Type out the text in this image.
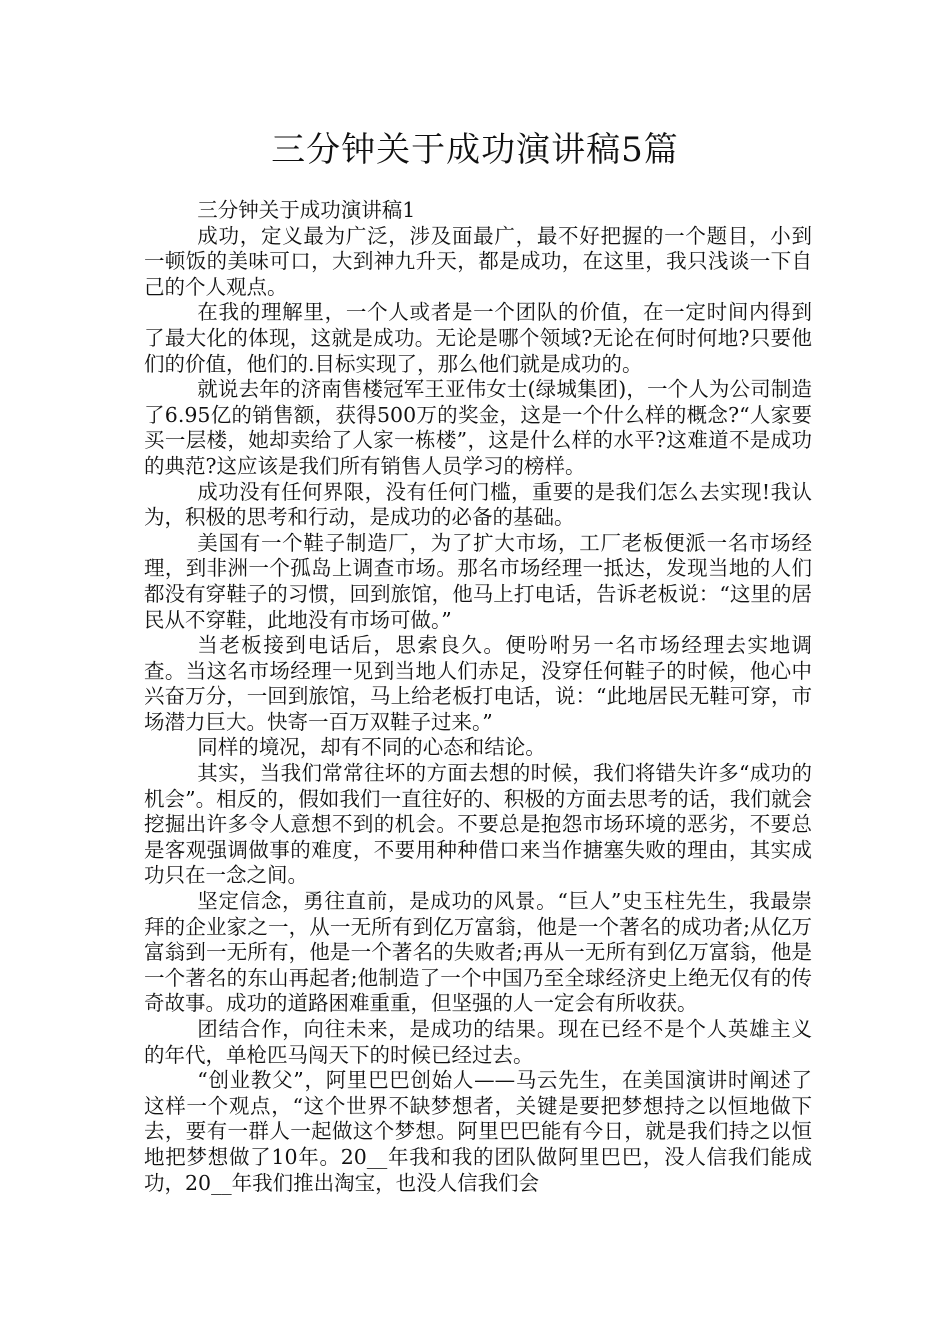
三分钟关于成功演讲稿5篇

三分钟关于成功演讲稿1

成功，定义最为广泛，涉及面最广，最不好把握的一个题目，小到一顿饭的美味可口，大到神九升天，都是成功，在这里，我只浅谈一下自己的个人观点。

在我的理解里，一个人或者是一个团队的价值，在一定时间内得到了最大化的体现，这就是成功。无论是哪个领域?无论在何时何地?只要他们的价值，他们的.目标实现了，那么他们就是成功的。

就说去年的济南售楼冠军王亚伟女士(绿城集团)，一个人为公司制造了6.95亿的销售额，获得500万的奖金，这是一个什么样的概念?“人家要买一层楼，她却卖给了人家一栋楼”，这是什么样的水平?这难道不是成功的典范?这应该是我们所有销售人员学习的榜样。

成功没有任何界限，没有任何门槛，重要的是我们怎么去实现!我认为，积极的思考和行动，是成功的必备的基础。

美国有一个鞋子制造厂，为了扩大市场，工厂老板便派一名市场经理，到非洲一个孤岛上调查市场。那名市场经理一抵达，发现当地的人们都没有穿鞋子的习惯，回到旅馆，他马上打电话，告诉老板说：“这里的居民从不穿鞋，此地没有市场可做。”

当老板接到电话后，思索良久。便吩咐另一名市场经理去实地调查。当这名市场经理一见到当地人们赤足，没穿任何鞋子的时候，他心中兴奋万分，一回到旅馆，马上给老板打电话，说：“此地居民无鞋可穿，市场潜力巨大。快寄一百万双鞋子过来。”

同样的境况，却有不同的心态和结论。

其实，当我们常常往坏的方面去想的时候，我们将错失许多“成功的机会”。相反的，假如我们一直往好的、积极的方面去思考的话，我们就会挖掘出许多令人意想不到的机会。不要总是抱怨市场环境的恶劣，不要总是客观强调做事的难度，不要用种种借口来当作搪塞失败的理由，其实成功只在一念之间。

坚定信念，勇往直前，是成功的风景。“巨人”史玉柱先生，我最崇拜的企业家之一，从一无所有到亿万富翁，他是一个著名的成功者;从亿万富翁到一无所有，他是一个著名的失败者;再从一无所有到亿万富翁，他是一个著名的东山再起者;他制造了一个中国乃至全球经济史上绝无仅有的传奇故事。成功的道路困难重重，但坚强的人一定会有所收获。

团结合作，向往未来，是成功的结果。现在已经不是个人英雄主义的年代，单枪匹马闯天下的时候已经过去。

“创业教父”，阿里巴巴创始人——马云先生，在美国演讲时阐述了这样一个观点，“这个世界不缺梦想者，关键是要把梦想持之以恒地做下去，要有一群人一起做这个梦想。阿里巴巴能有今日，就是我们持之以恒地把梦想做了10年。20__年我和我的团队做阿里巴巴，没人信我们能成功，20__年我们推出淘宝，也没人信我们会
